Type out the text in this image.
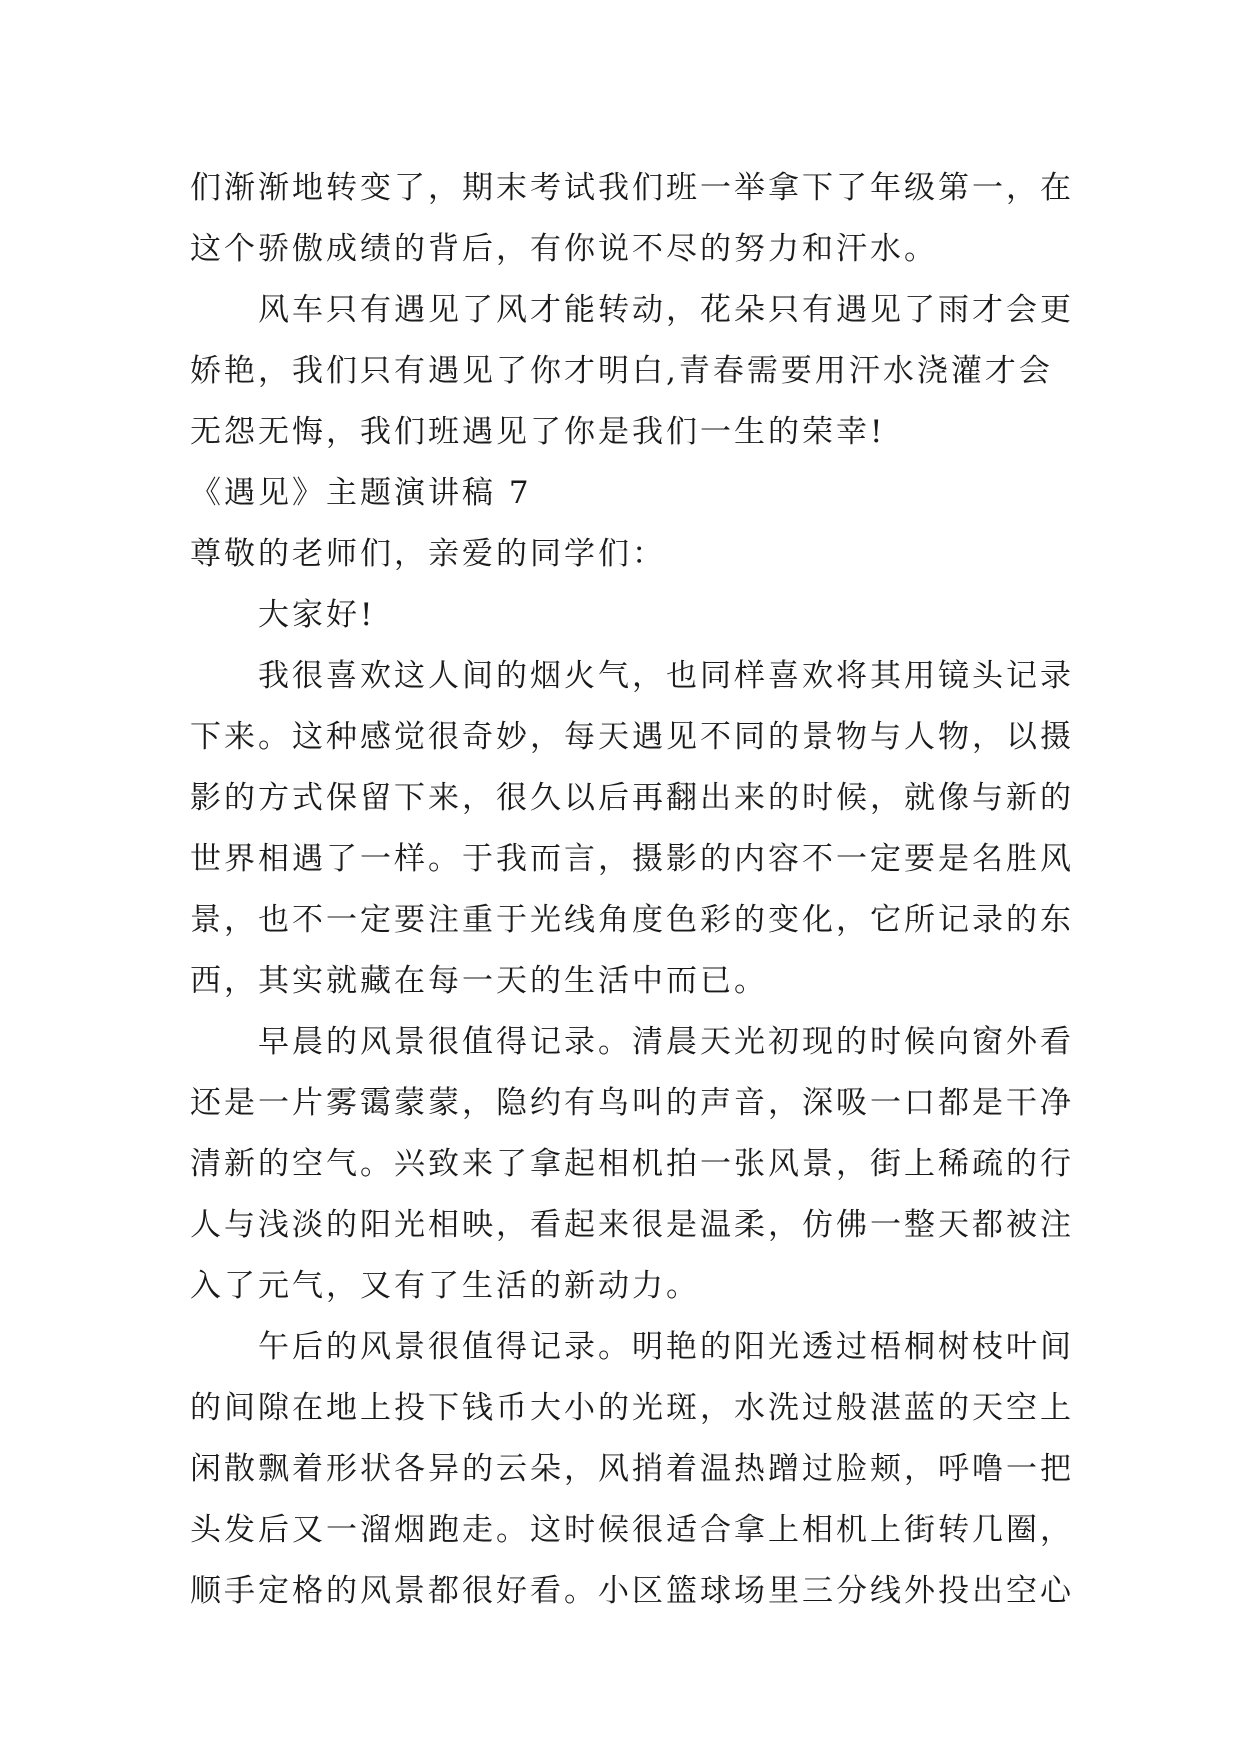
们渐渐地转变了，期末考试我们班一举拿下了年级第一，在
这个骄傲成绩的背后，有你说不尽的努力和汗水。
风车只有遇见了风才能转动，花朵只有遇见了雨才会更
娇艳，我们只有遇见了你才明白,青春需要用汗水浇灌才会
无怨无悔，我们班遇见了你是我们一生的荣幸!
《遇见》主题演讲稿 7
尊敬的老师们，亲爱的同学们：
大家好!
我很喜欢这人间的烟火气，也同样喜欢将其用镜头记录
下来。这种感觉很奇妙，每天遇见不同的景物与人物，以摄
影的方式保留下来，很久以后再翻出来的时候，就像与新的
世界相遇了一样。于我而言，摄影的内容不一定要是名胜风
景，也不一定要注重于光线角度色彩的变化，它所记录的东
西，其实就藏在每一天的生活中而已。
早晨的风景很值得记录。清晨天光初现的时候向窗外看
还是一片雾霭蒙蒙，隐约有鸟叫的声音，深吸一口都是干净
清新的空气。兴致来了拿起相机拍一张风景，街上稀疏的行
人与浅淡的阳光相映，看起来很是温柔，仿佛一整天都被注
入了元气，又有了生活的新动力。
午后的风景很值得记录。明艳的阳光透过梧桐树枝叶间
的间隙在地上投下钱币大小的光斑，水洗过般湛蓝的天空上
闲散飘着形状各异的云朵，风捎着温热蹭过脸颊，呼噜一把
头发后又一溜烟跑走。这时候很适合拿上相机上街转几圈，
顺手定格的风景都很好看。小区篮球场里三分线外投出空心
